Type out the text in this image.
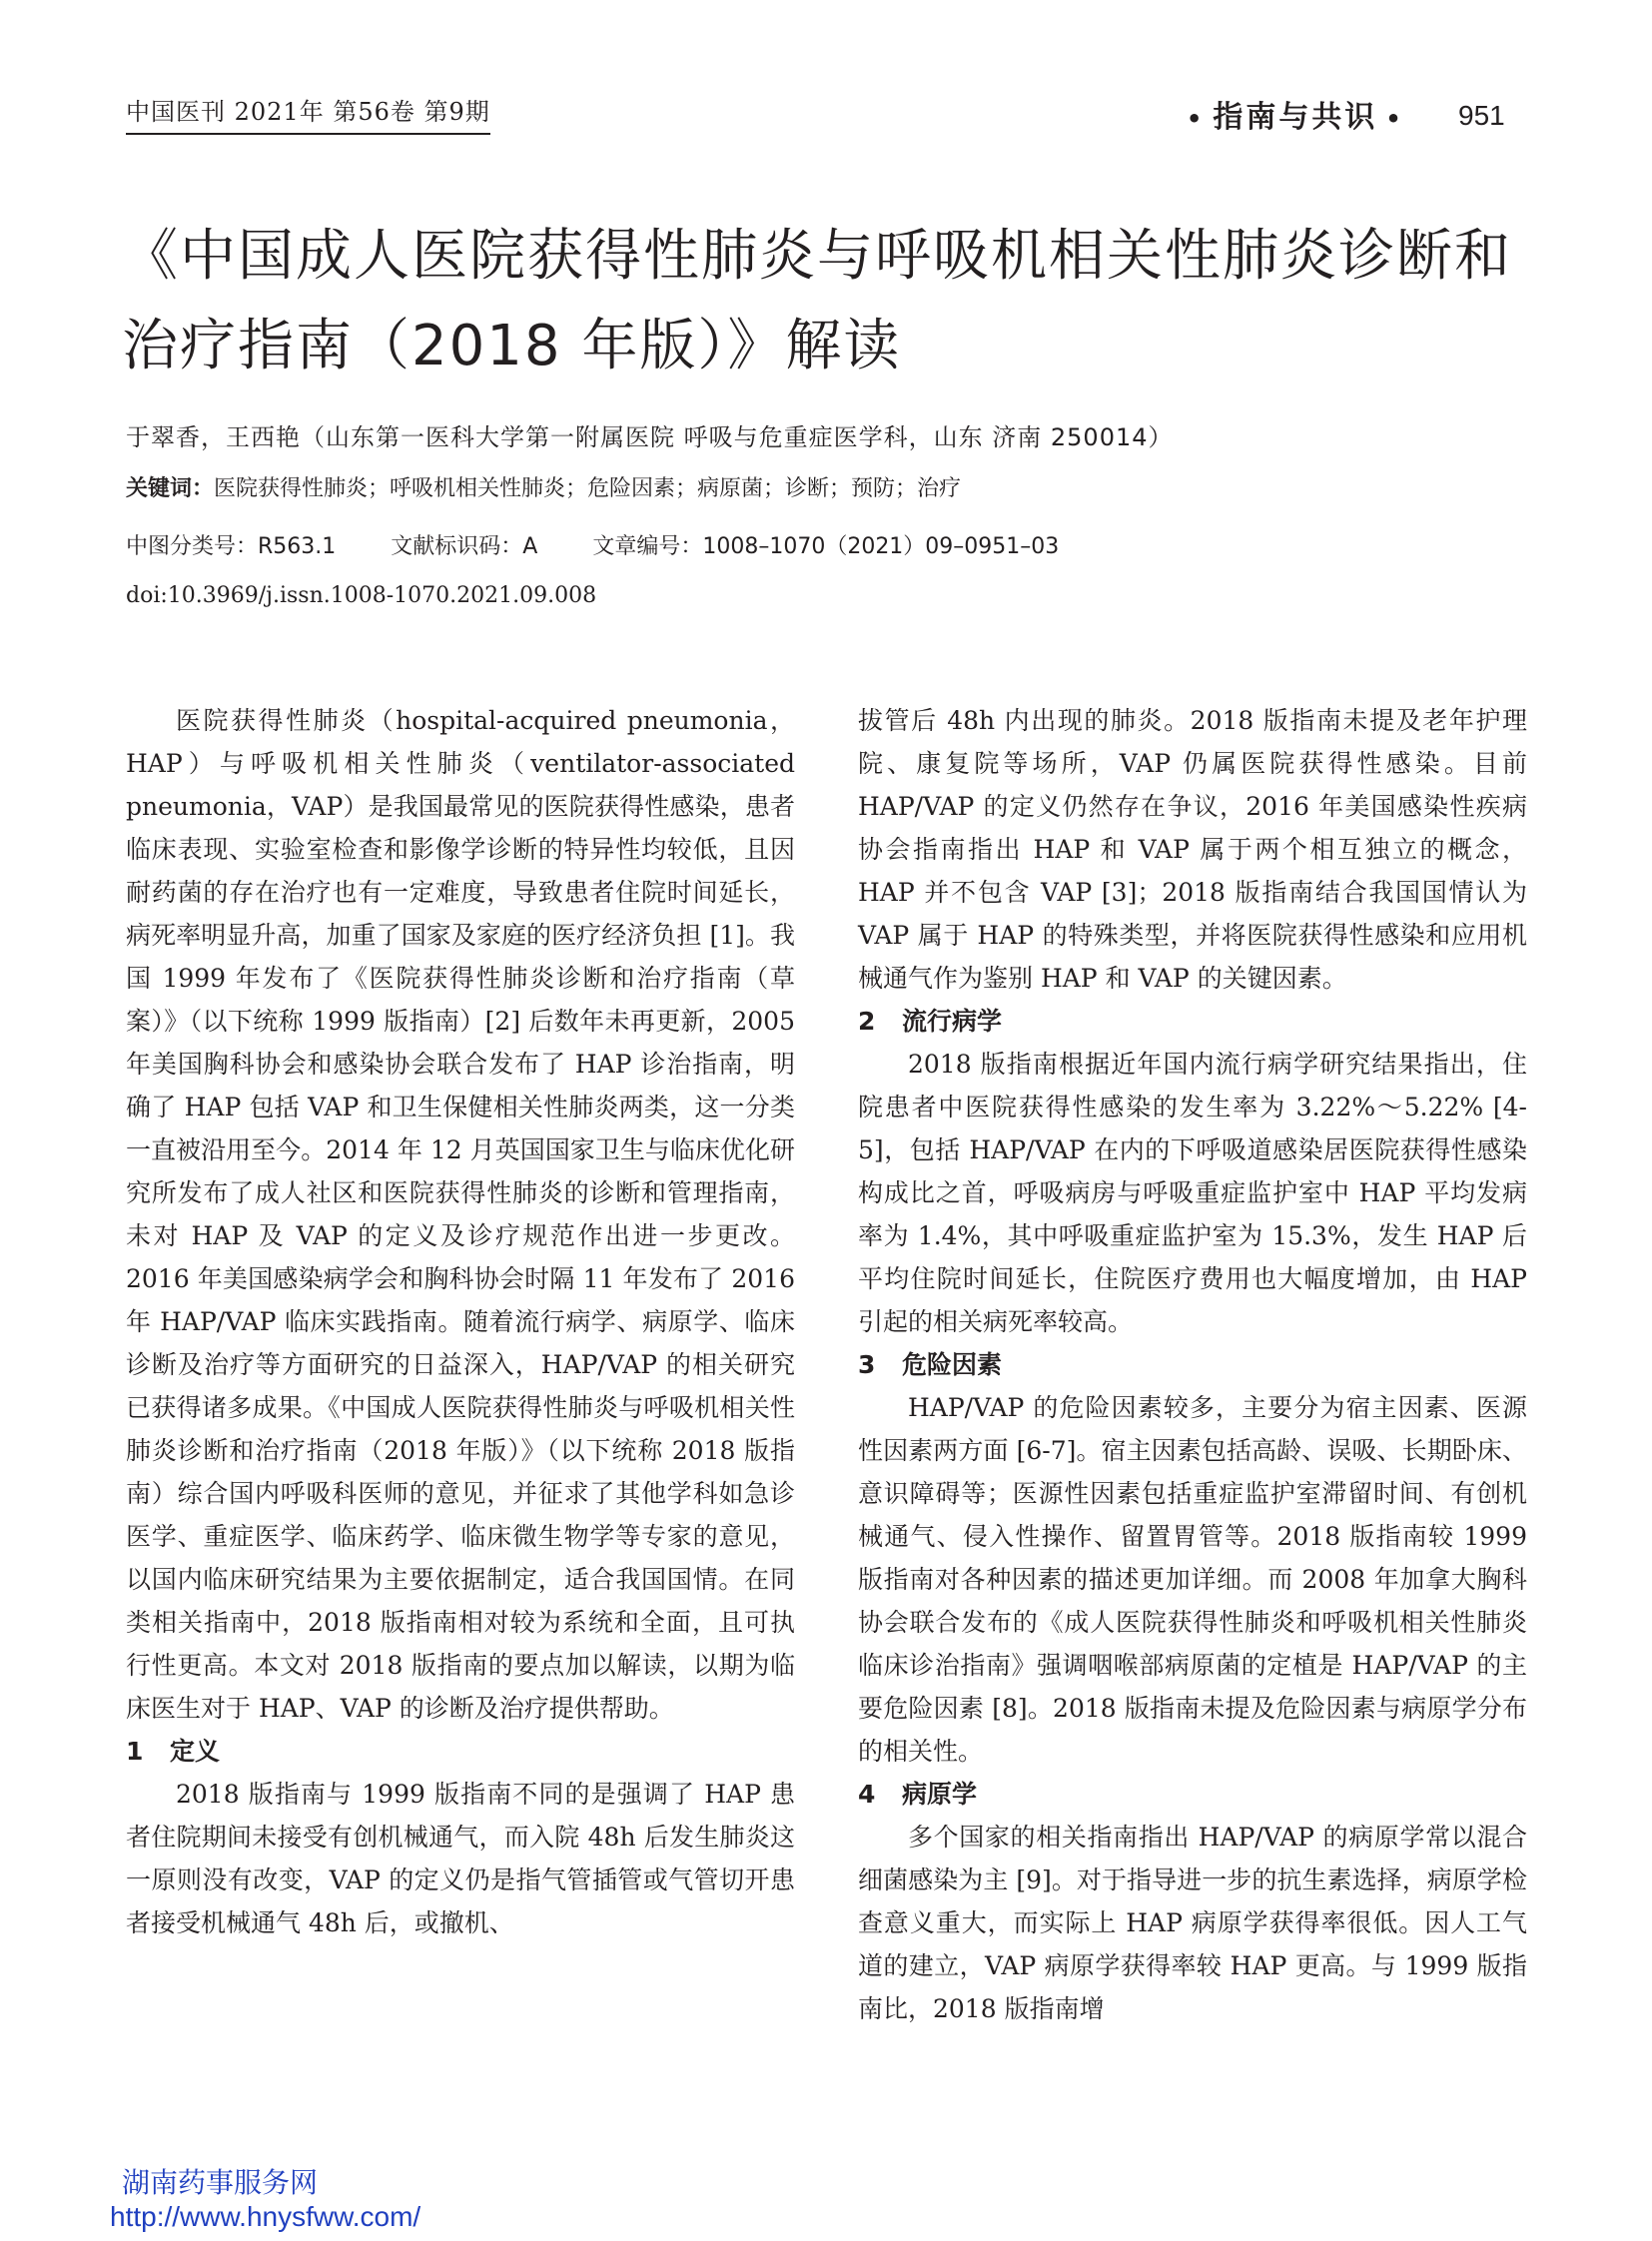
中国医刊 2021年 第56卷 第9期	• 指南与共识 • 951
《中国成人医院获得性肺炎与呼吸机相关性肺炎诊断和治疗指南（2018 年版）》解读
于翠香，王西艳（山东第一医科大学第一附属医院 呼吸与危重症医学科，山东 济南 250014）
关键词：医院获得性肺炎；呼吸机相关性肺炎；危险因素；病原菌；诊断；预防；治疗
中图分类号：R563.1	文献标识码：A	文章编号：1008–1070（2021）09–0951–03
doi:10.3969/j.issn.1008-1070.2021.09.008

医院获得性肺炎（hospital-acquired pneumonia，HAP）与呼吸机相关性肺炎（ventilator-associated pneumonia，VAP）是我国最常见的医院获得性感染，患者临床表现、实验室检查和影像学诊断的特异性均较低，且因耐药菌的存在治疗也有一定难度，导致患者住院时间延长，病死率明显升高，加重了国家及家庭的医疗经济负担 [1]。我国 1999 年发布了《医院获得性肺炎诊断和治疗指南（草案）》（以下统称 1999 版指南）[2] 后数年未再更新，2005 年美国胸科协会和感染协会联合发布了 HAP 诊治指南，明确了 HAP 包括 VAP 和卫生保健相关性肺炎两类，这一分类一直被沿用至今。2014 年 12 月英国国家卫生与临床优化研究所发布了成人社区和医院获得性肺炎的诊断和管理指南，未对 HAP 及 VAP 的定义及诊疗规范作出进一步更改。2016 年美国感染病学会和胸科协会时隔 11 年发布了 2016 年 HAP/VAP 临床实践指南。随着流行病学、病原学、临床诊断及治疗等方面研究的日益深入，HAP/VAP 的相关研究已获得诸多成果。《中国成人医院获得性肺炎与呼吸机相关性肺炎诊断和治疗指南（2018 年版）》（以下统称 2018 版指南）综合国内呼吸科医师的意见，并征求了其他学科如急诊医学、重症医学、临床药学、临床微生物学等专家的意见，以国内临床研究结果为主要依据制定，适合我国国情。在同类相关指南中，2018 版指南相对较为系统和全面，且可执行性更高。本文对 2018 版指南的要点加以解读，以期为临床医生对于 HAP、VAP 的诊断及治疗提供帮助。

1 定义

2018 版指南与 1999 版指南不同的是强调了 HAP 患者住院期间未接受有创机械通气，而入院 48h 后发生肺炎这一原则没有改变，VAP 的定义仍是指气管插管或气管切开患者接受机械通气 48h 后，或撤机、

拔管后 48h 内出现的肺炎。2018 版指南未提及老年护理院、康复院等场所，VAP 仍属医院获得性感染。目前 HAP/VAP 的定义仍然存在争议，2016 年美国感染性疾病协会指南指出 HAP 和 VAP 属于两个相互独立的概念，HAP 并不包含 VAP [3]；2018 版指南结合我国国情认为 VAP 属于 HAP 的特殊类型，并将医院获得性感染和应用机械通气作为鉴别 HAP 和 VAP 的关键因素。

2 流行病学

2018 版指南根据近年国内流行病学研究结果指出，住院患者中医院获得性感染的发生率为 3.22%～5.22% [4-5]，包括 HAP/VAP 在内的下呼吸道感染居医院获得性感染构成比之首，呼吸病房与呼吸重症监护室中 HAP 平均发病率为 1.4%，其中呼吸重症监护室为 15.3%，发生 HAP 后平均住院时间延长，住院医疗费用也大幅度增加，由 HAP 引起的相关病死率较高。

3 危险因素

HAP/VAP 的危险因素较多，主要分为宿主因素、医源性因素两方面 [6-7]。宿主因素包括高龄、误吸、长期卧床、意识障碍等；医源性因素包括重症监护室滞留时间、有创机械通气、侵入性操作、留置胃管等。2018 版指南较 1999 版指南对各种因素的描述更加详细。而 2008 年加拿大胸科协会联合发布的《成人医院获得性肺炎和呼吸机相关性肺炎临床诊治指南》强调咽喉部病原菌的定植是 HAP/VAP 的主要危险因素 [8]。2018 版指南未提及危险因素与病原学分布的相关性。

4 病原学

多个国家的相关指南指出 HAP/VAP 的病原学常以混合细菌感染为主 [9]。对于指导进一步的抗生素选择，病原学检查意义重大，而实际上 HAP 病原学获得率很低。因人工气道的建立，VAP 病原学获得率较 HAP 更高。与 1999 版指南比，2018 版指南增

湖南药事服务网
http://www.hnysfww.com/
